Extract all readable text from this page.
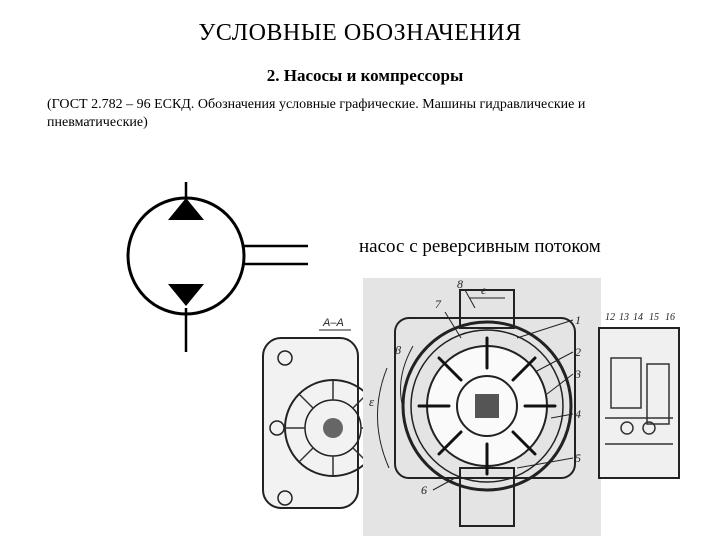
УСЛОВНЫЕ ОБОЗНАЧЕНИЯ
2. Насосы и компрессоры
(ГОСТ 2.782 – 96 ЕСКД. Обозначения условные графические. Машины гидравлические и пневматические)
насос с реверсивным потоком
А–А
е
β
ε
1
2
3
4
5
7
8
6
12 13 14 15 16
